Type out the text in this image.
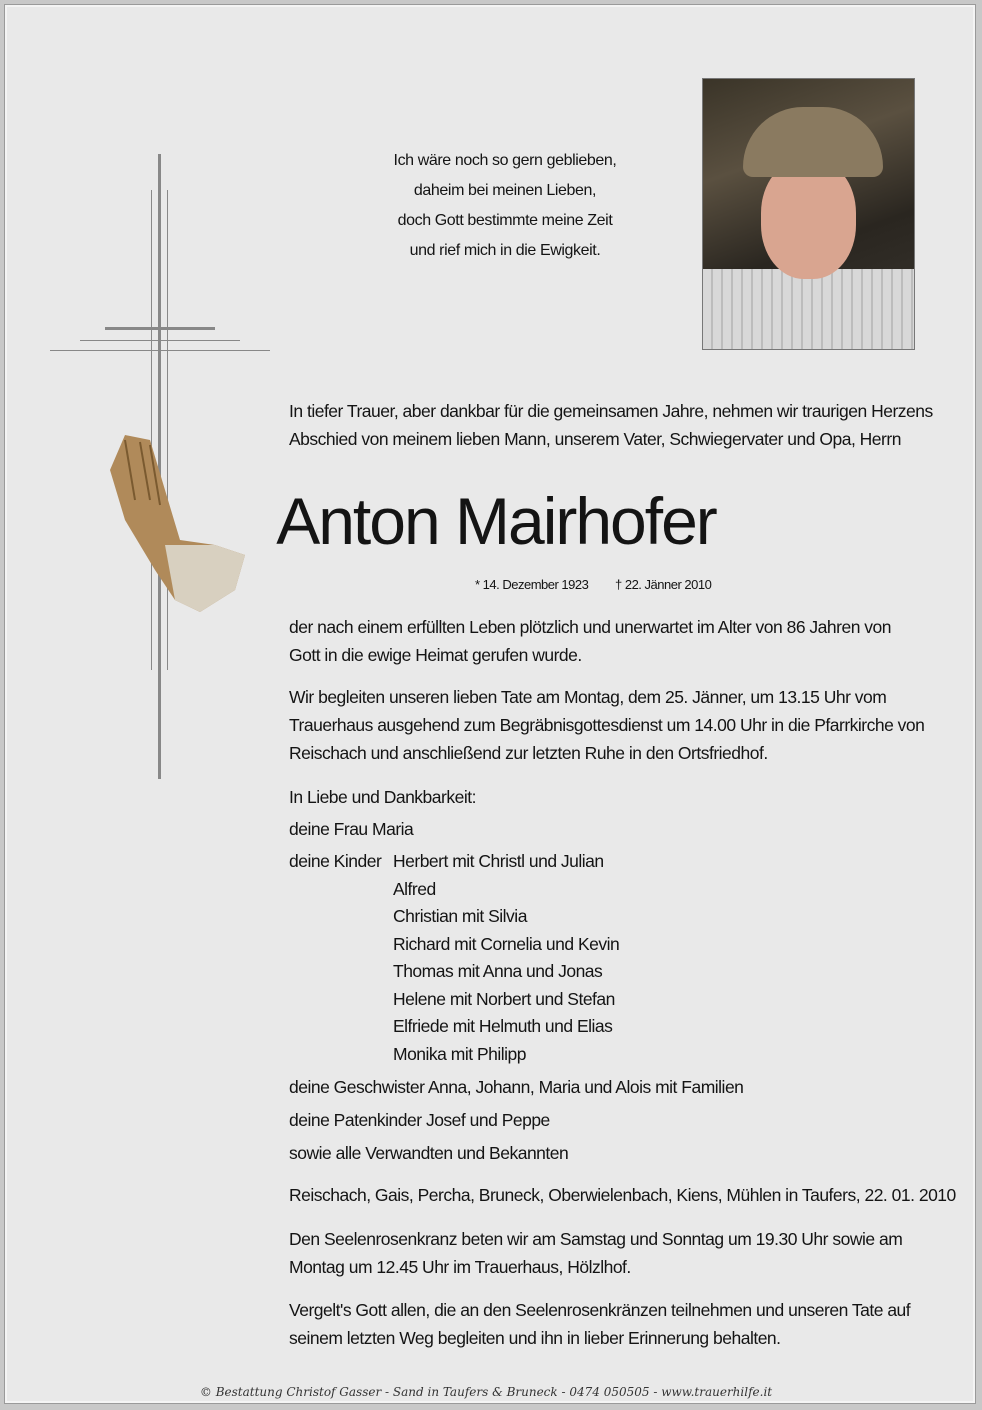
Ich wäre noch so gern geblieben,
daheim bei meinen Lieben,
doch Gott bestimmte meine Zeit
und rief mich in die Ewigkeit.
In tiefer Trauer, aber dankbar für die gemeinsamen Jahre, nehmen wir traurigen Herzens
Abschied von meinem lieben Mann, unserem Vater, Schwiegervater und Opa, Herrn
Anton Mairhofer
* 14. Dezember 1923 † 22. Jänner 2010
der nach einem erfüllten Leben plötzlich und unerwartet im Alter von 86 Jahren von
Gott in die ewige Heimat gerufen wurde.
Wir begleiten unseren lieben Tate am Montag, dem 25. Jänner, um 13.15 Uhr vom
Trauerhaus ausgehend zum Begräbnisgottesdienst um 14.00 Uhr in die Pfarrkirche von
Reischach und anschließend zur letzten Ruhe in den Ortsfriedhof.
In Liebe und Dankbarkeit:
deine Frau Maria
deine Kinder Herbert mit Christl und Julian
Alfred
Christian mit Silvia
Richard mit Cornelia und Kevin
Thomas mit Anna und Jonas
Helene mit Norbert und Stefan
Elfriede mit Helmuth und Elias
Monika mit Philipp
deine Geschwister Anna, Johann, Maria und Alois mit Familien
deine Patenkinder Josef und Peppe
sowie alle Verwandten und Bekannten
Reischach, Gais, Percha, Bruneck, Oberwielenbach, Kiens, Mühlen in Taufers, 22. 01. 2010
Den Seelenrosenkranz beten wir am Samstag und Sonntag um 19.30 Uhr sowie am
Montag um 12.45 Uhr im Trauerhaus, Hölzlhof.
Vergelt's Gott allen, die an den Seelenrosenkränzen teilnehmen und unseren Tate auf
seinem letzten Weg begleiten und ihn in lieber Erinnerung behalten.
© Bestattung Christof Gasser - Sand in Taufers & Bruneck - 0474 050505 - www.trauerhilfe.it
